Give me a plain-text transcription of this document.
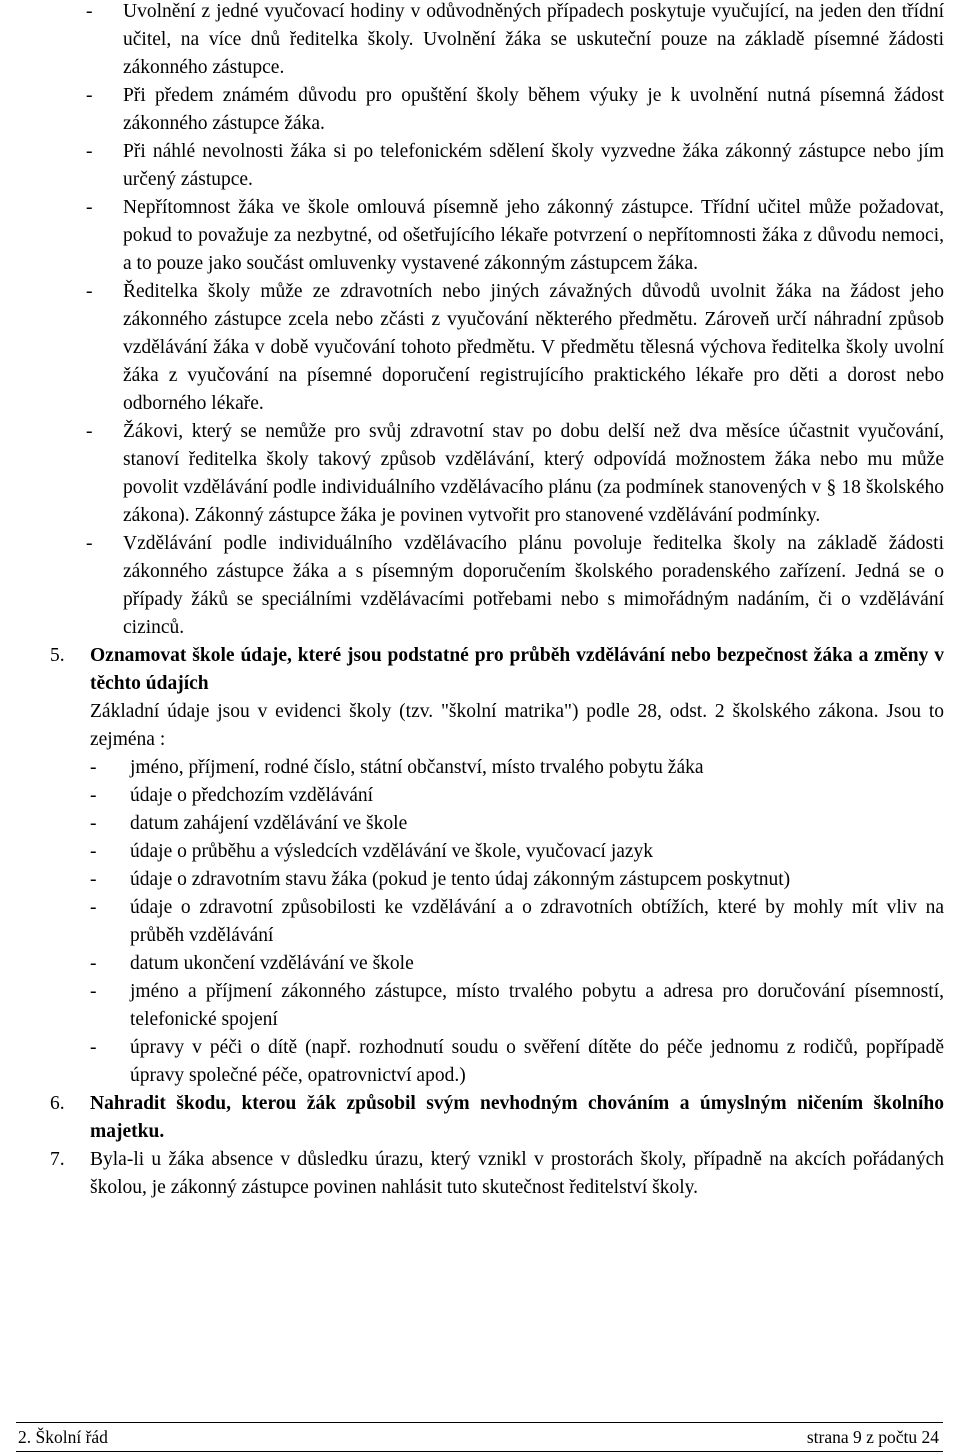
- Uvolnění z jedné vyučovací hodiny v odůvodněných případech poskytuje vyučující, na jeden den třídní učitel, na více dnů ředitelka školy. Uvolnění žáka se uskuteční pouze na základě písemné žádosti zákonného zástupce.
- Při předem známém důvodu pro opuštění školy během výuky je k uvolnění nutná písemná žádost zákonného zástupce žáka.
- Při náhlé nevolnosti žáka si po telefonickém sdělení školy vyzvedne žáka zákonný zástupce nebo jím určený zástupce.
- Nepřítomnost žáka ve škole omlouvá písemně jeho zákonný zástupce. Třídní učitel může požadovat, pokud to považuje za nezbytné, od ošetřujícího lékaře potvrzení o nepřítomnosti žáka z důvodu nemoci, a to pouze jako součást omluvenky vystavené zákonným zástupcem žáka.
- Ředitelka školy může ze zdravotních nebo jiných závažných důvodů uvolnit žáka na žádost jeho zákonného zástupce zcela nebo zčásti z vyučování některého předmětu. Zároveň určí náhradní způsob vzdělávání žáka v době vyučování tohoto předmětu. V předmětu tělesná výchova ředitelka školy uvolní žáka z vyučování na písemné doporučení registrujícího praktického lékaře pro děti a dorost nebo odborného lékaře.
- Žákovi, který se nemůže pro svůj zdravotní stav po dobu delší než dva měsíce účastnit vyučování, stanoví ředitelka školy takový způsob vzdělávání, který odpovídá možnostem žáka nebo mu může povolit vzdělávání podle individuálního vzdělávacího plánu (za podmínek stanovených v § 18 školského zákona). Zákonný zástupce žáka je povinen vytvořit pro stanovené vzdělávání podmínky.
- Vzdělávání podle individuálního vzdělávacího plánu povoluje ředitelka školy na základě žádosti zákonného zástupce žáka a s písemným doporučením školského poradenského zařízení. Jedná se o případy žáků se speciálními vzdělávacími potřebami nebo s mimořádným nadáním, či o vzdělávání cizinců.
5. Oznamovat škole údaje, které jsou podstatné pro průběh vzdělávání nebo bezpečnost žáka a změny v těchto údajích
Základní údaje jsou v evidenci školy (tzv. "školní matrika") podle 28, odst. 2 školského zákona. Jsou to zejména :
- jméno, příjmení, rodné číslo, státní občanství, místo trvalého pobytu žáka
- údaje o předchozím vzdělávání
- datum zahájení vzdělávání ve škole
- údaje o průběhu a výsledcích vzdělávání ve škole, vyučovací jazyk
- údaje o zdravotním stavu žáka (pokud je tento údaj zákonným zástupcem poskytnut)
- údaje o zdravotní způsobilosti ke vzdělávání a o zdravotních obtížích, které by mohly mít vliv na průběh vzdělávání
- datum ukončení vzdělávání ve škole
- jméno a příjmení zákonného zástupce, místo trvalého pobytu a adresa pro doručování písemností, telefonické spojení
- úpravy v péči o dítě (např. rozhodnutí soudu o svěření dítěte do péče jednomu z rodičů, popřípadě úpravy společné péče, opatrovnictví apod.)
6. Nahradit škodu, kterou žák způsobil svým nevhodným chováním a úmyslným ničením školního majetku.
7. Byla-li u žáka absence v důsledku úrazu, který vznikl v prostorách školy, případně na akcích pořádaných školou, je zákonný zástupce povinen nahlásit tuto skutečnost ředitelství školy.
2. Školní řád	strana 9 z počtu 24
